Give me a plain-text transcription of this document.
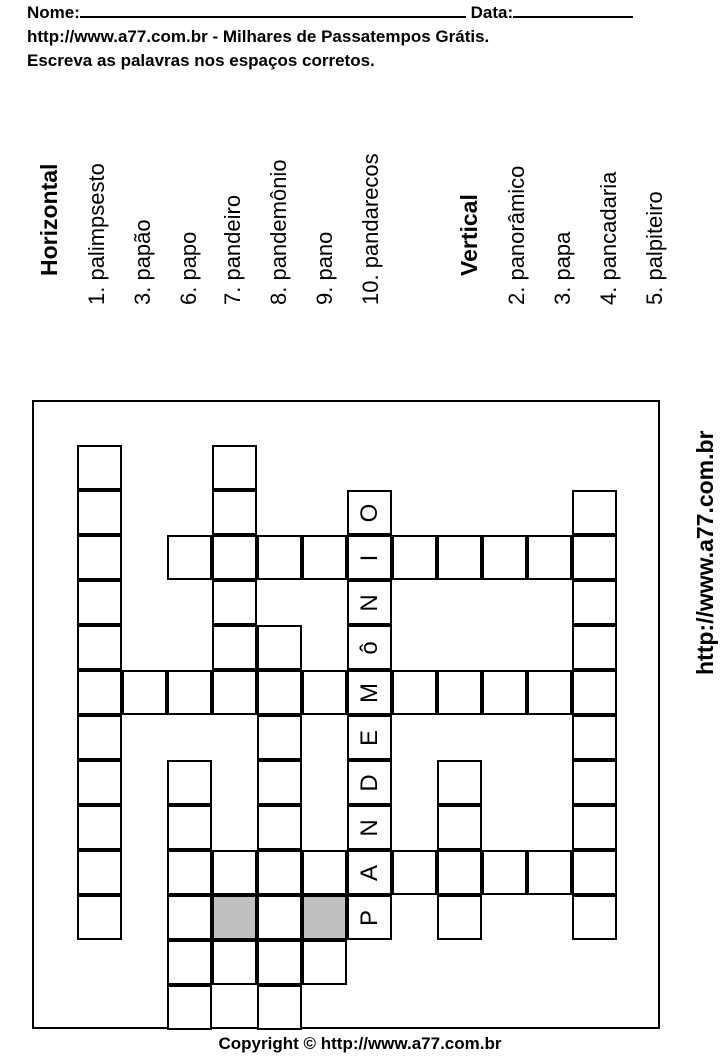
Nome:	Data:
http://www.a77.com.br - Milhares de Passatempos Grátis.
Escreva as palavras nos espaços corretos.
Horizontal 1. palimpsesto 3. papão 6. papo 7. pandeiro 8. pandemônio 9. pano 10. pandarecos	Vertical 2. panorâmico 3. papa 4. pancadaria 5. palpiteiro
http://www.a77.com.br
O
I
N
ô
M
E
D
N
A
P
Copyright © http://www.a77.com.br
